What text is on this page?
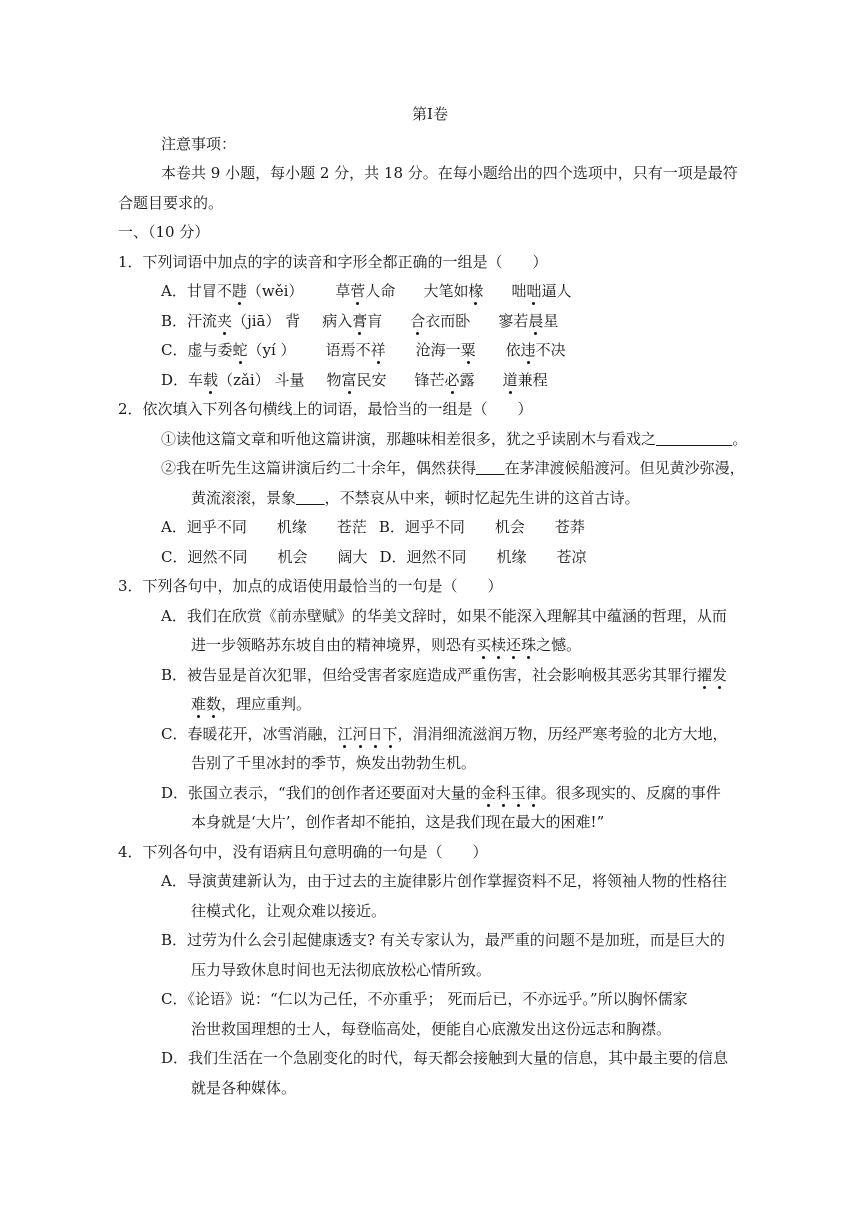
第Ⅰ卷
注意事项：
本卷共 9 小题，每小题 2 分，共 18 分。在每小题给出的四个选项中，只有一项是最符
合题目要求的。
一、（10 分）
1．下列词语中加点的字的读音和字形全都正确的一组是（　　）
A．甘冒不韪（wěi） 草菅人命 大笔如椽 咄咄逼人
B．汗流夹（jiā） 背 病入膏肓 合衣而卧 寥若晨星
C．虚与委蛇（yí ） 语焉不祥 沧海一粟 依违不决
D．车载（zǎi） 斗量 物富民安 锋芒必露 道兼程
2．依次填入下列各句横线上的词语，最恰当的一组是（　　）
①读他这篇文章和听他这篇讲演，那趣味相差很多，犹之乎读剧木与看戏之	。
②我在听先生这篇讲演后约二十余年，偶然获得 在茅津渡候船渡河。但见黄沙弥漫，
黄流滚滚，景象 ，不禁哀从中来，顿时忆起先生讲的这首古诗。
A．迥乎不同　　机缘　　苍茫 B．迥乎不同　　机会　　苍莽
C．迥然不同　　机会　　阔大 D．迥然不同　　机缘　　苍凉
3．下列各句中，加点的成语使用最恰当的一句是（　　）
A．我们在欣赏《前赤壁赋》的华美文辞时，如果不能深入理解其中蕴涵的哲理，从而
进一步领略苏东坡自由的精神境界，则恐有买椟还珠之憾。
B．被告显是首次犯罪，但给受害者家庭造成严重伤害，社会影响极其恶劣其罪行擢发
难数，理应重判。
C．春暖花开，冰雪消融，江河日下，涓涓细流滋润万物，历经严寒考验的北方大地，
告别了千里冰封的季节，焕发出勃勃生机。
D．张国立表示，“我们的创作者还要面对大量的金科玉律。很多现实的、反腐的事件
本身就是‘大片’，创作者却不能拍，这是我们现在最大的困难!”
4．下列各句中，没有语病且句意明确的一句是（　　）
A．导演黄建新认为，由于过去的主旋律影片创作掌握资料不足，将领袖人物的性格往
往模式化，让观众难以接近。
B．过劳为什么会引起健康透支? 有关专家认为，最严重的问题不是加班，而是巨大的
压力导致休息时间也无法彻底放松心情所致。
C．《论语》说：“仁以为己任，不亦重乎； 死而后已，不亦远乎。”所以胸怀儒家
治世救国理想的士人，每登临高处，便能自心底激发出这份远志和胸襟。
D．我们生活在一个急剧变化的时代，每天都会接触到大量的信息，其中最主要的信息
就是各种媒体。
